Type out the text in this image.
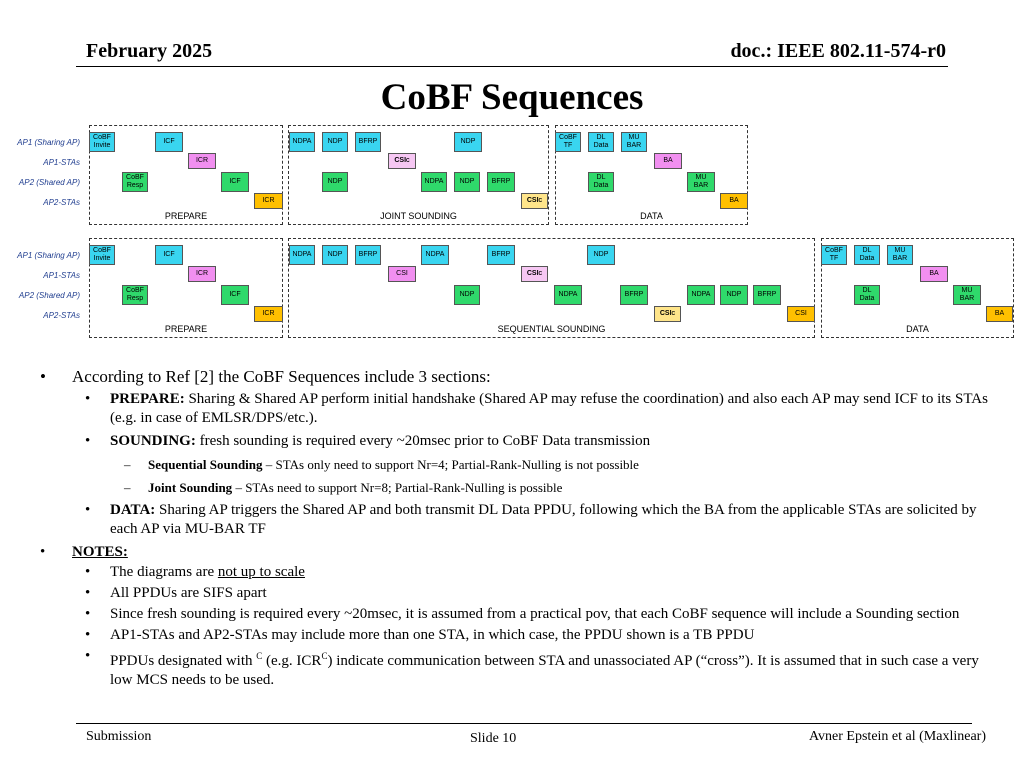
February 2025	doc.: IEEE 802.11-574-r0
CoBF Sequences
AP1 (Sharing AP)
AP1-STAs
AP2 (Shared AP)
AP2-STAs
PREPARE	JOINT SOUNDING	DATA
CoBF
Invite
ICF
ICR
CoBF
Resp
ICF
ICR
NDPA	NDP	BFRP	NDP
CSI C
NDP	NDPA	NDP	BFRP
CSI C
CoBF
TF
DL
Data
MU
BAR
BA
DL
Data
MU
BAR
BA
AP1 (Sharing AP)
AP1-STAs
AP2 (Shared AP)
AP2-STAs
PREPARE	SEQUENTIAL SOUNDING	DATA
CoBF
Invite
ICF
ICR
CoBF
Resp
ICF
ICR
NDPA	NDP	BFRP	NDPA	BFRP	NDP
CSI	CSI C
NDP	NDPA	BFRP	NDPA	NDP	BFRP
CSI C	CSI
CoBF
TF
DL
Data
MU
BAR
BA
DL
Data
MU
BAR
BA
• According to Ref [2] the CoBF Sequences include 3 sections:
• PREPARE: Sharing & Shared AP perform initial handshake (Shared AP may refuse the coordination) and also each AP may send ICF to its STAs (e.g. in case of EMLSR/DPS/etc.).
• SOUNDING: fresh sounding is required every ~20msec prior to CoBF Data transmission
– Sequential Sounding – STAs only need to support Nr=4; Partial-Rank-Nulling is not possible
– Joint Sounding – STAs need to support Nr=8; Partial-Rank-Nulling is possible
• DATA: Sharing AP triggers the Shared AP and both transmit DL Data PPDU, following which the BA from the applicable STAs are solicited by each AP via MU-BAR TF
• NOTES:
• The diagrams are not up to scale
• All PPDUs are SIFS apart
• Since fresh sounding is required every ~20msec, it is assumed from a practical pov, that each CoBF sequence will include a Sounding section
• AP1-STAs and AP2-STAs may include more than one STA, in which case, the PPDU shown is a TB PPDU
• PPDUs designated with $^C$ (e.g. $ICR^C$) indicate communication between STA and unassociated AP (“cross”). It is assumed that in such case a very low MCS needs to be used.
Submission	Slide 10	Avner Epstein et al (Maxlinear)
